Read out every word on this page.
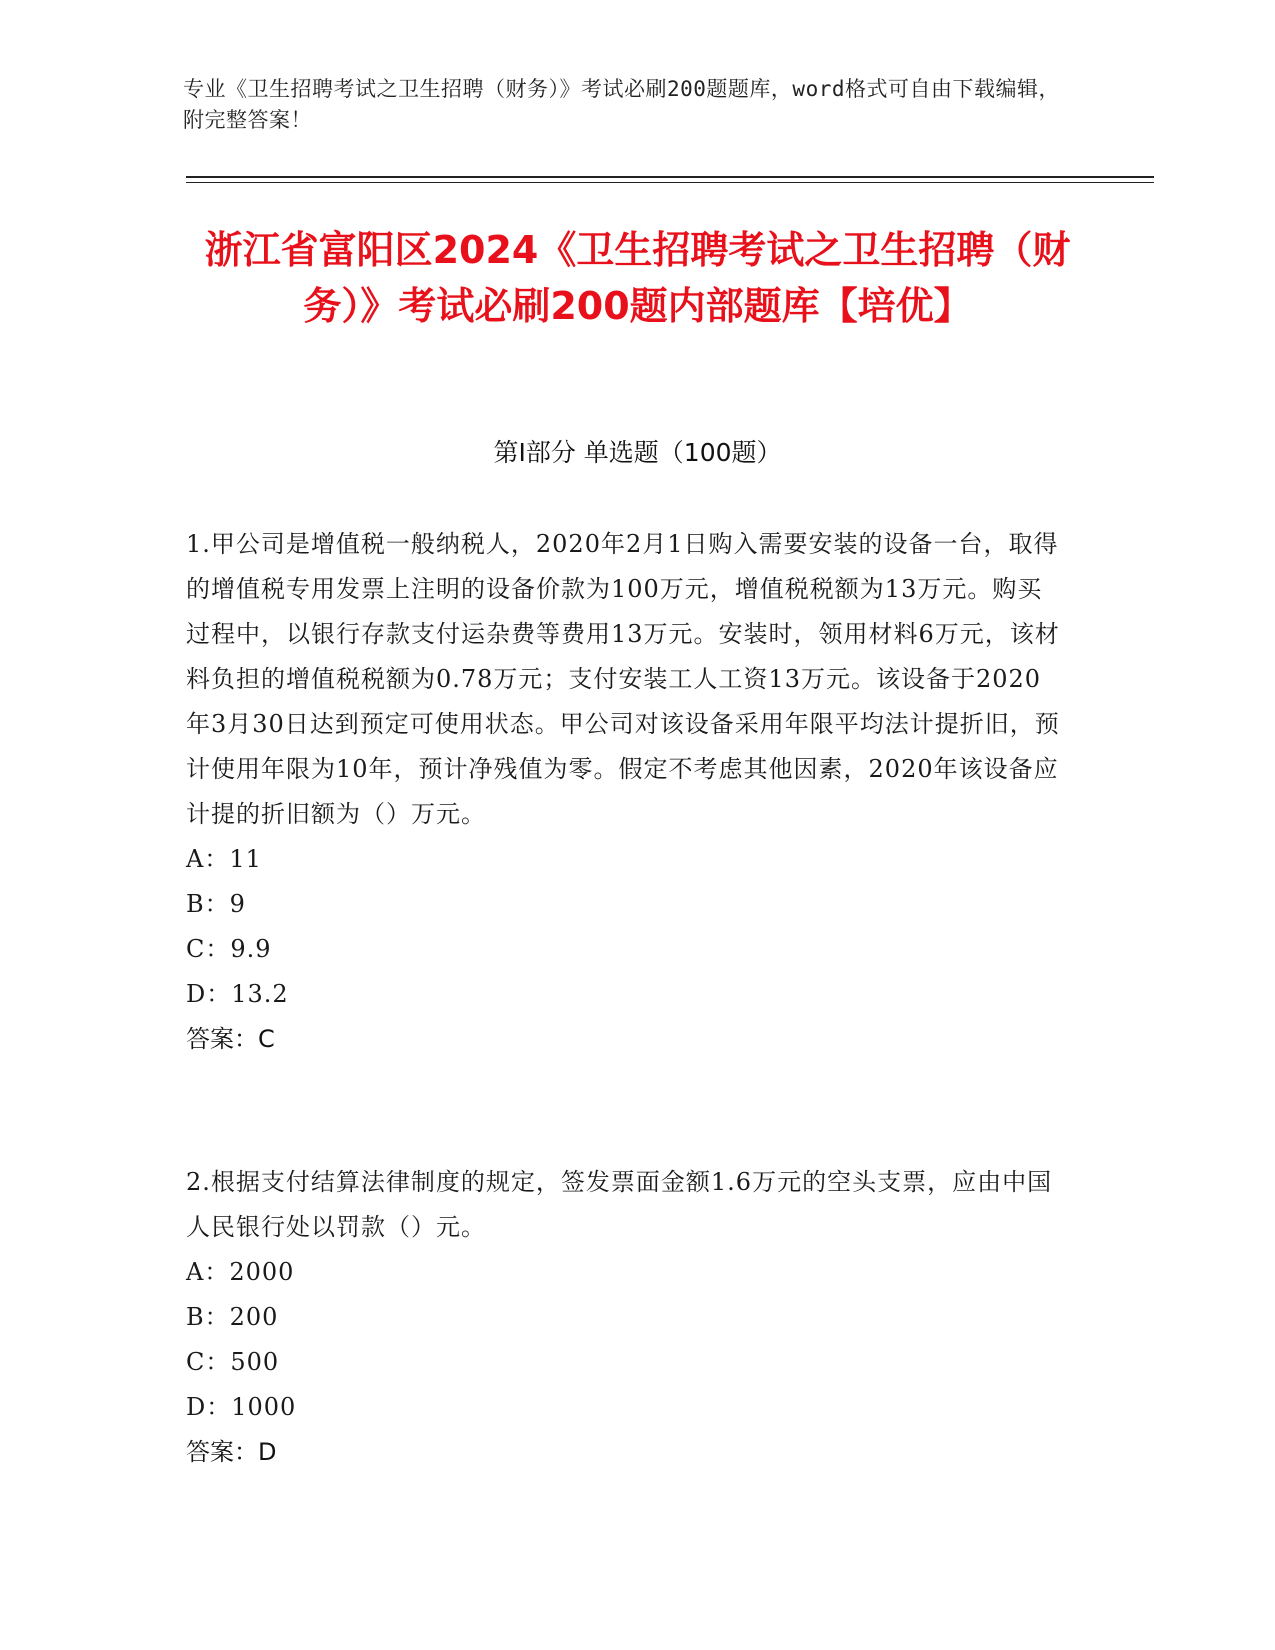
专业《卫生招聘考试之卫生招聘（财务）》考试必刷200题题库，word格式可自由下载编辑，附完整答案！
浙江省富阳区2024《卫生招聘考试之卫生招聘（财务）》考试必刷200题内部题库【培优】
第I部分 单选题（100题）
1.甲公司是增值税一般纳税人，2020年2月1日购入需要安装的设备一台，取得的增值税专用发票上注明的设备价款为100万元，增值税税额为13万元。购买过程中，以银行存款支付运杂费等费用13万元。安装时，领用材料6万元，该材料负担的增值税税额为0.78万元；支付安装工人工资13万元。该设备于2020年3月30日达到预定可使用状态。甲公司对该设备采用年限平均法计提折旧，预计使用年限为10年，预计净残值为零。假定不考虑其他因素，2020年该设备应计提的折旧额为（）万元。
A：11
B：9
C：9.9
D：13.2
答案：C
2.根据支付结算法律制度的规定，签发票面金额1.6万元的空头支票，应由中国人民银行处以罚款（）元。
A：2000
B：200
C：500
D：1000
答案：D
